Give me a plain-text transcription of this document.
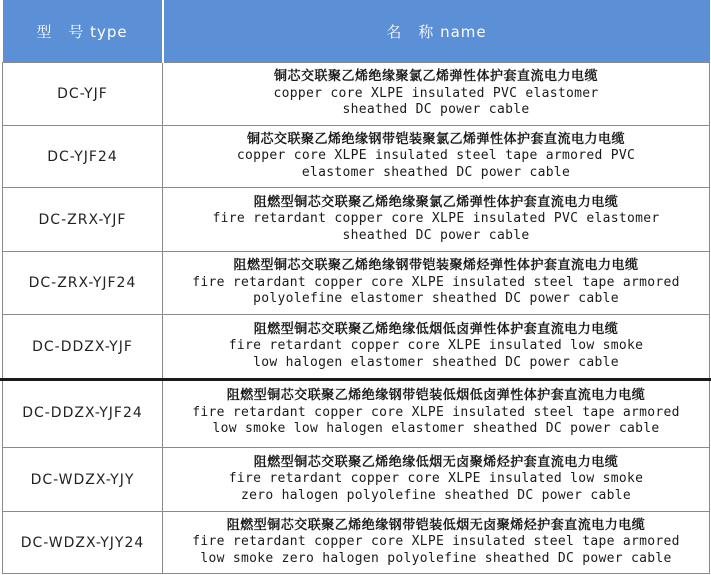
型　号 type	名　称 name
DC-YJF	铜芯交联聚乙烯绝缘聚氯乙烯弹性体护套直流电力电缆
copper core XLPE insulated PVC elastomer
sheathed DC power cable

DC-YJF24	铜芯交联聚乙烯绝缘钢带铠装聚氯乙烯弹性体护套直流电力电缆
copper core XLPE insulated steel tape armored PVC
elastomer sheathed DC power cable

DC-ZRX-YJF	阻燃型铜芯交联聚乙烯绝缘聚氯乙烯弹性体护套直流电力电缆
fire retardant copper core XLPE insulated PVC elastomer
sheathed DC power cable

DC-ZRX-YJF24	阻燃型铜芯交联聚乙烯绝缘钢带铠装聚烯烃弹性体护套直流电力电缆
fire retardant copper core XLPE insulated steel tape armored
polyolefine elastomer sheathed DC power cable

DC-DDZX-YJF	阻燃型铜芯交联聚乙烯绝缘低烟低卤弹性体护套直流电力电缆
fire retardant copper core XLPE insulated low smoke
low halogen elastomer sheathed DC power cable

DC-DDZX-YJF24	阻燃型铜芯交联聚乙烯绝缘钢带铠装低烟低卤弹性体护套直流电力电缆
fire retardant copper core XLPE insulated steel tape armored
low smoke low halogen elastomer sheathed DC power cable

DC-WDZX-YJY	阻燃型铜芯交联聚乙烯绝缘低烟无卤聚烯烃护套直流电力电缆
fire retardant copper core XLPE insulated low smoke
zero halogen polyolefine sheathed DC power cable

DC-WDZX-YJY24	阻燃型铜芯交联聚乙烯绝缘钢带铠装低烟无卤聚烯烃护套直流电力电缆
fire retardant copper core XLPE insulated steel tape armored
low smoke zero halogen polyolefine sheathed DC power cable
